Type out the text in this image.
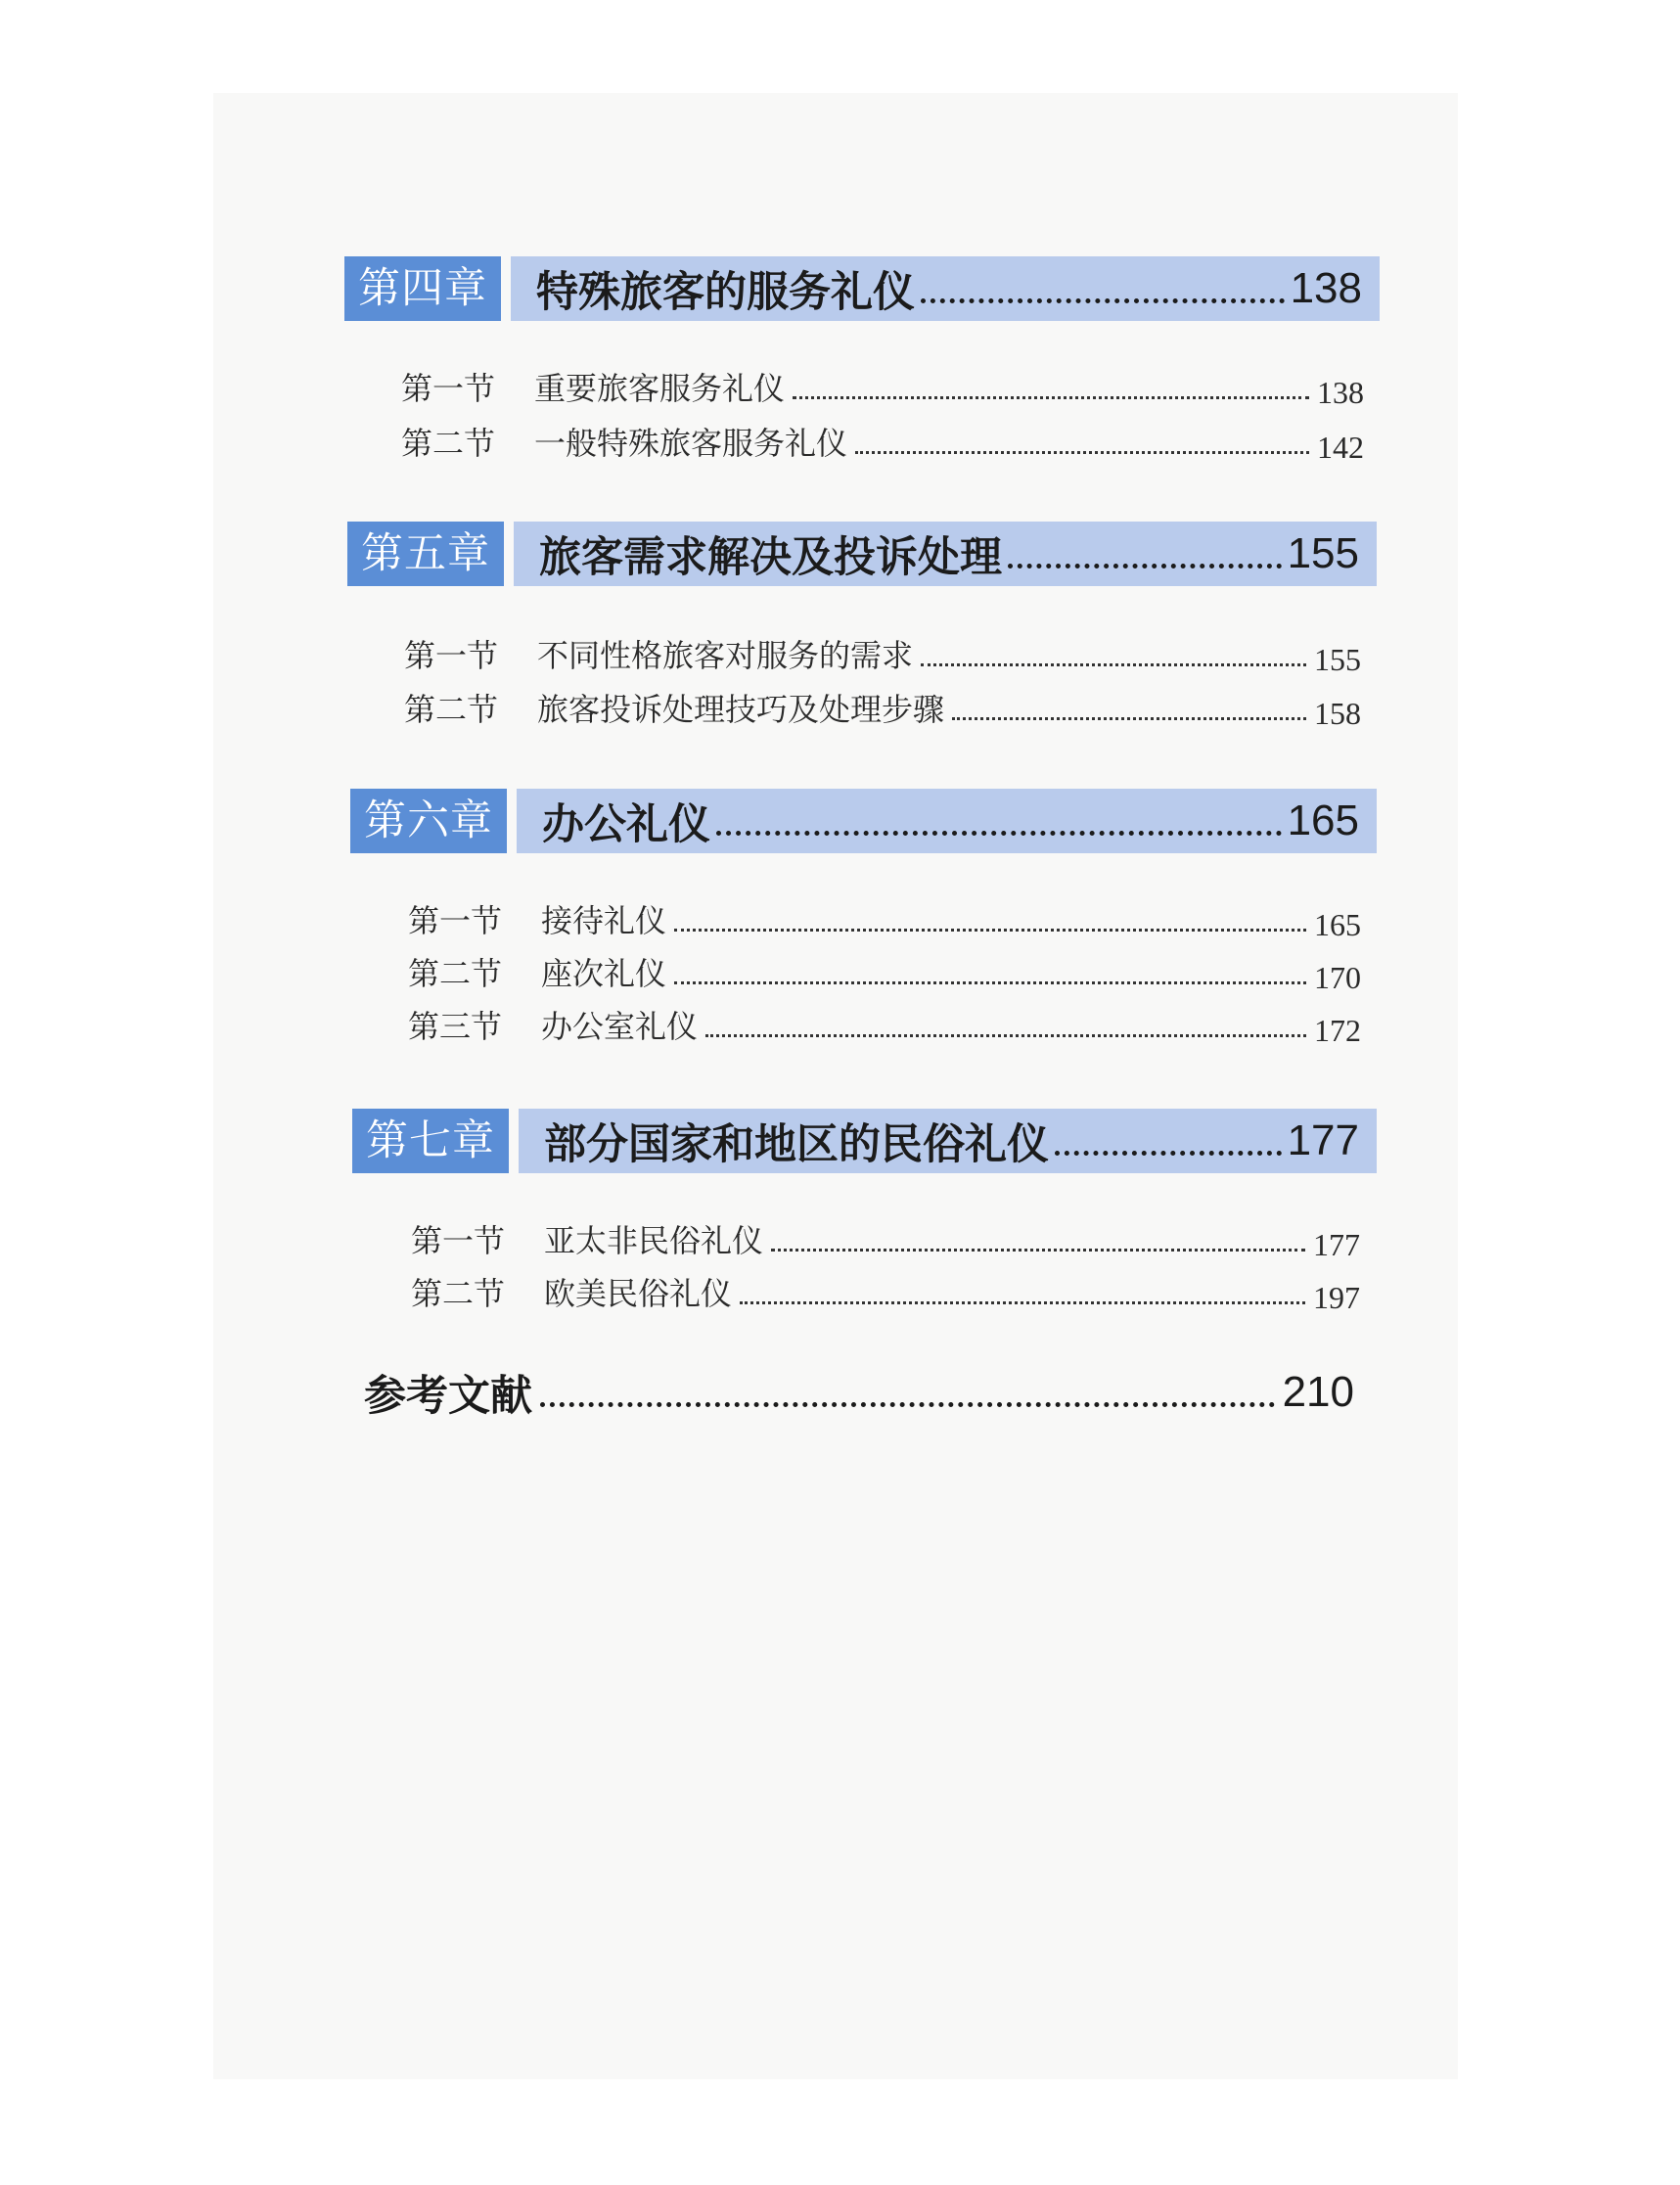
第四章	特殊旅客的服务礼仪	138
第一节	重要旅客服务礼仪	138
第二节	一般特殊旅客服务礼仪	142
第五章	旅客需求解决及投诉处理	155
第一节	不同性格旅客对服务的需求	155
第二节	旅客投诉处理技巧及处理步骤	158
第六章	办公礼仪	165
第一节	接待礼仪	165
第二节	座次礼仪	170
第三节	办公室礼仪	172
第七章	部分国家和地区的民俗礼仪	177
第一节	亚太非民俗礼仪	177
第二节	欧美民俗礼仪	197
参考文献	210
